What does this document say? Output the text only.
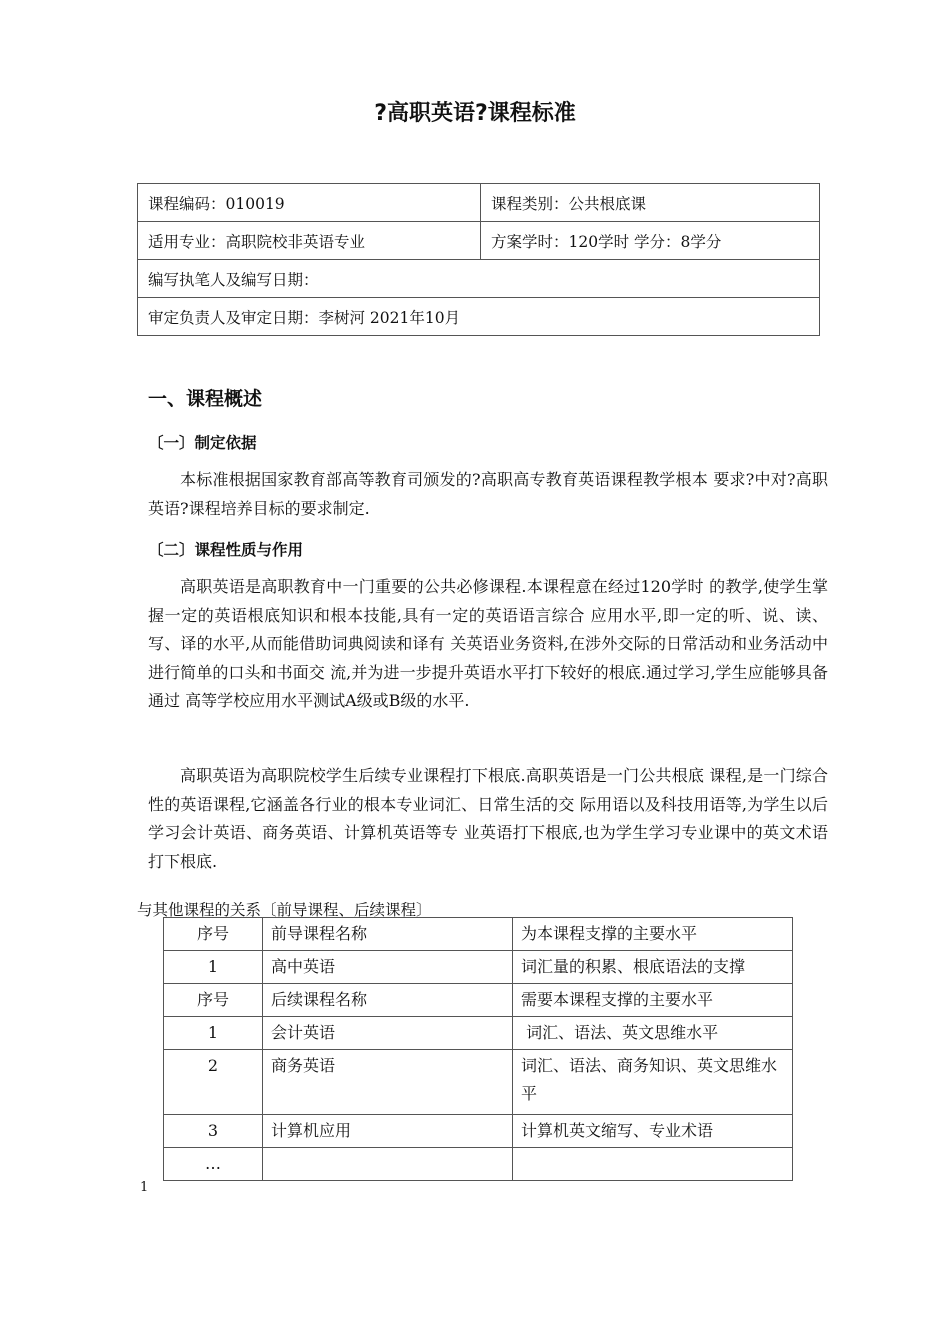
?高职英语?课程标准
课程编码：010019	课程类别：公共根底课
适用专业：高职院校非英语专业	方案学时：120学时 学分：8学分
编写执笔人及编写日期：	
审定负责人及审定日期：李树河 2021年10月	
一、课程概述
〔一〕制定依据

本标准根据国家教育部高等教育司颁发的?高职高专教育英语课程教学根本 要求?中对?高职英语?课程培养目标的要求制定.

〔二〕课程性质与作用

高职英语是高职教育中一门重要的公共必修课程.本课程意在经过120学时 的教学,使学生掌握一定的英语根底知识和根本技能,具有一定的英语语言综合 应用水平,即一定的听、说、读、写、译的水平,从而能借助词典阅读和译有 关英语业务资料,在涉外交际的日常活动和业务活动中进行简单的口头和书面交 流,并为进一步提升英语水平打下较好的根底.通过学习,学生应能够具备通过 高等学校应用水平测试A级或B级的水平.

高职英语为高职院校学生后续专业课程打下根底.高职英语是一门公共根底 课程,是一门综合性的英语课程,它涵盖各行业的根本专业词汇、日常生活的交 际用语以及科技用语等,为学生以后学习会计英语、商务英语、计算机英语等专 业英语打下根底,也为学生学习专业课中的英文术语打下根底.

与其他课程的关系〔前导课程、后续课程〕
序号	前导课程名称	为本课程支撑的主要水平
1	高中英语	词汇量的积累、根底语法的支撑
序号	后续课程名称	需要本课程支撑的主要水平
1	会计英语	词汇、语法、英文思维水平
2	商务英语	词汇、语法、商务知识、英文思维水平
3	计算机应用	计算机英文缩写、专业术语
…		
1
